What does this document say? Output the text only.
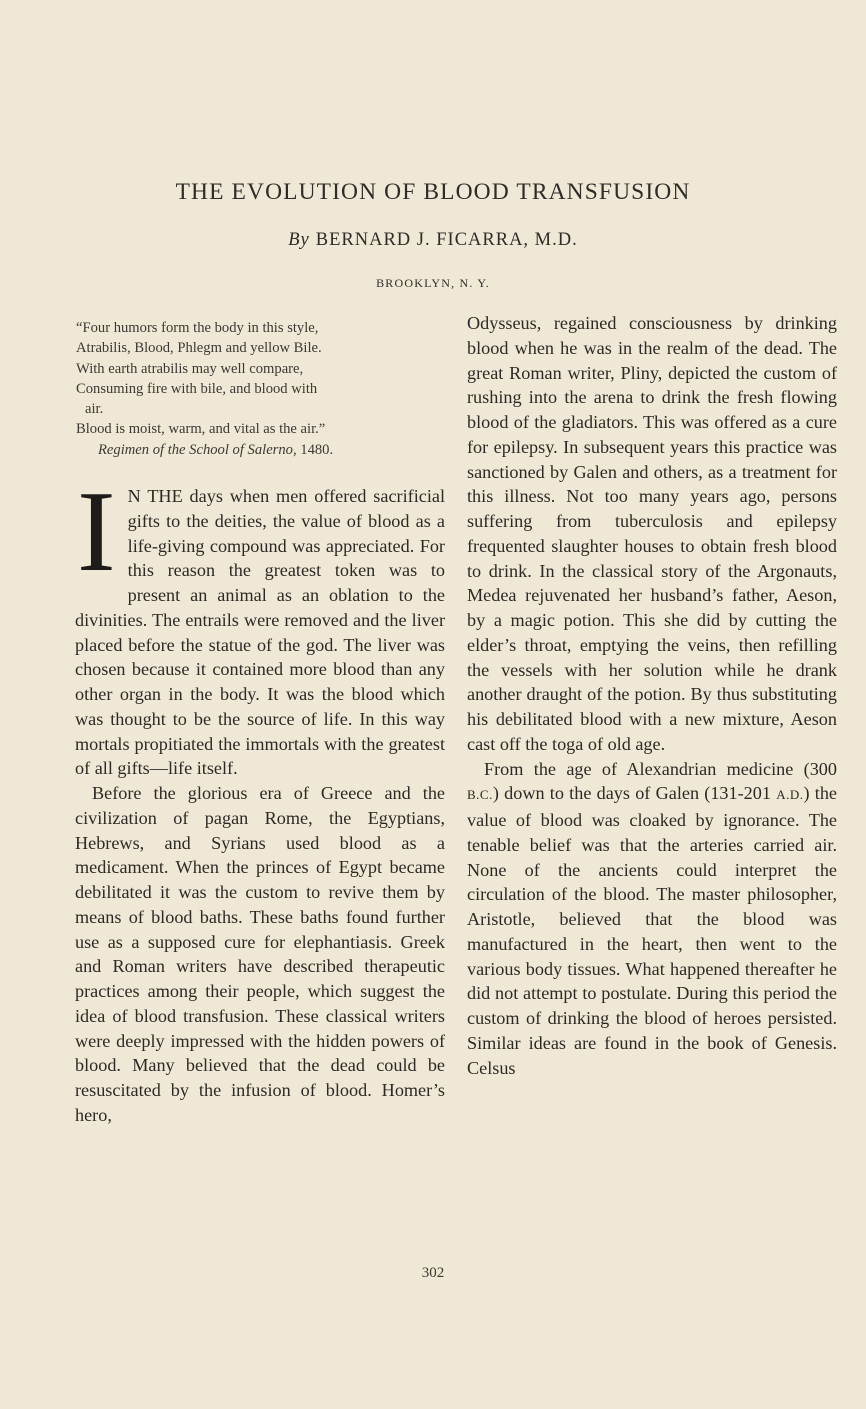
THE EVOLUTION OF BLOOD TRANSFUSION
By BERNARD J. FICARRA, M.D.
BROOKLYN, N. Y.
“Four humors form the body in this style,
Atrabilis, Blood, Phlegm and yellow Bile.
With earth atrabilis may well compare,
Consuming fire with bile, and blood with
air.
Blood is moist, warm, and vital as the air.”
Regimen of the School of Salerno, 1480.

I N THE days when men offered sacrificial gifts to the deities, the value of blood as a life-giving compound was appreciated. For this reason the greatest token was to present an animal as an oblation to the divinities. The entrails were removed and the liver placed before the statue of the god. The liver was chosen because it contained more blood than any other organ in the body. It was the blood which was thought to be the source of life. In this way mortals propitiated the immortals with the greatest of all gifts—life itself.

Before the glorious era of Greece and the civilization of pagan Rome, the Egyptians, Hebrews, and Syrians used blood as a medicament. When the princes of Egypt became debilitated it was the custom to revive them by means of blood baths. These baths found further use as a supposed cure for elephantiasis. Greek and Roman writers have described therapeutic practices among their people, which suggest the idea of blood transfusion. These classical writers were deeply impressed with the hidden powers of blood. Many believed that the dead could be resuscitated by the infusion of blood. Homer’s hero,

Odysseus, regained consciousness by drinking blood when he was in the realm of the dead. The great Roman writer, Pliny, depicted the custom of rushing into the arena to drink the fresh flowing blood of the gladiators. This was offered as a cure for epilepsy. In subsequent years this practice was sanctioned by Galen and others, as a treatment for this illness. Not too many years ago, persons suffering from tuberculosis and epilepsy frequented slaughter houses to obtain fresh blood to drink. In the classical story of the Argonauts, Medea rejuvenated her husband’s father, Aeson, by a magic potion. This she did by cutting the elder’s throat, emptying the veins, then refilling the vessels with her solution while he drank another draught of the potion. By thus substituting his debilitated blood with a new mixture, Aeson cast off the toga of old age.

From the age of Alexandrian medicine (300 B.C.) down to the days of Galen (131-201 A.D.) the value of blood was cloaked by ignorance. The tenable belief was that the arteries carried air. None of the ancients could interpret the circulation of the blood. The master philosopher, Aristotle, believed that the blood was manufactured in the heart, then went to the various body tissues. What happened thereafter he did not attempt to postulate. During this period the custom of drinking the blood of heroes persisted. Similar ideas are found in the book of Genesis. Celsus

302
